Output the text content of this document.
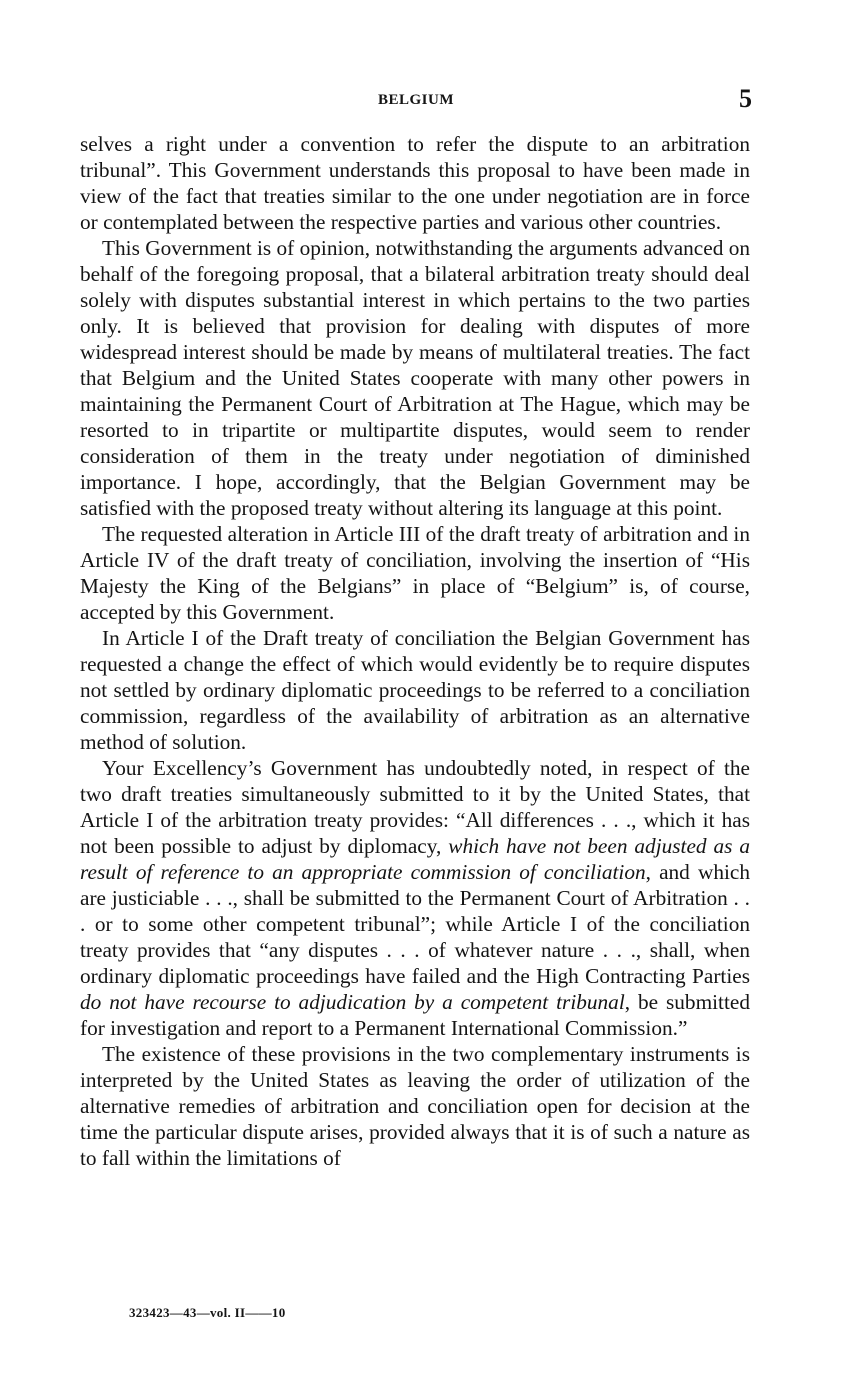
BELGIUM	5

selves a right under a convention to refer the dispute to an arbitration tribunal”. This Government understands this proposal to have been made in view of the fact that treaties similar to the one under negotiation are in force or contemplated between the respective parties and various other countries.

This Government is of opinion, notwithstanding the arguments advanced on behalf of the foregoing proposal, that a bilateral arbitration treaty should deal solely with disputes substantial interest in which pertains to the two parties only. It is believed that provision for dealing with disputes of more widespread interest should be made by means of multilateral treaties. The fact that Belgium and the United States cooperate with many other powers in maintaining the Permanent Court of Arbitration at The Hague, which may be resorted to in tripartite or multipartite disputes, would seem to render consideration of them in the treaty under negotiation of diminished importance. I hope, accordingly, that the Belgian Government may be satisfied with the proposed treaty without altering its language at this point.

The requested alteration in Article III of the draft treaty of arbitration and in Article IV of the draft treaty of conciliation, involving the insertion of “His Majesty the King of the Belgians” in place of “Belgium” is, of course, accepted by this Government.

In Article I of the Draft treaty of conciliation the Belgian Government has requested a change the effect of which would evidently be to require disputes not settled by ordinary diplomatic proceedings to be referred to a conciliation commission, regardless of the availability of arbitration as an alternative method of solution.

Your Excellency’s Government has undoubtedly noted, in respect of the two draft treaties simultaneously submitted to it by the United States, that Article I of the arbitration treaty provides: “All differences . . ., which it has not been possible to adjust by diplomacy, which have not been adjusted as a result of reference to an appropriate commission of conciliation, and which are justiciable . . ., shall be submitted to the Permanent Court of Arbitration . . . or to some other competent tribunal”; while Article I of the conciliation treaty provides that “any disputes . . . of whatever nature . . ., shall, when ordinary diplomatic proceedings have failed and the High Contracting Parties do not have recourse to adjudication by a competent tribunal, be submitted for investigation and report to a Permanent International Commission.”

The existence of these provisions in the two complementary instruments is interpreted by the United States as leaving the order of utilization of the alternative remedies of arbitration and conciliation open for decision at the time the particular dispute arises, provided always that it is of such a nature as to fall within the limitations of

323423—43—vol. II——10
